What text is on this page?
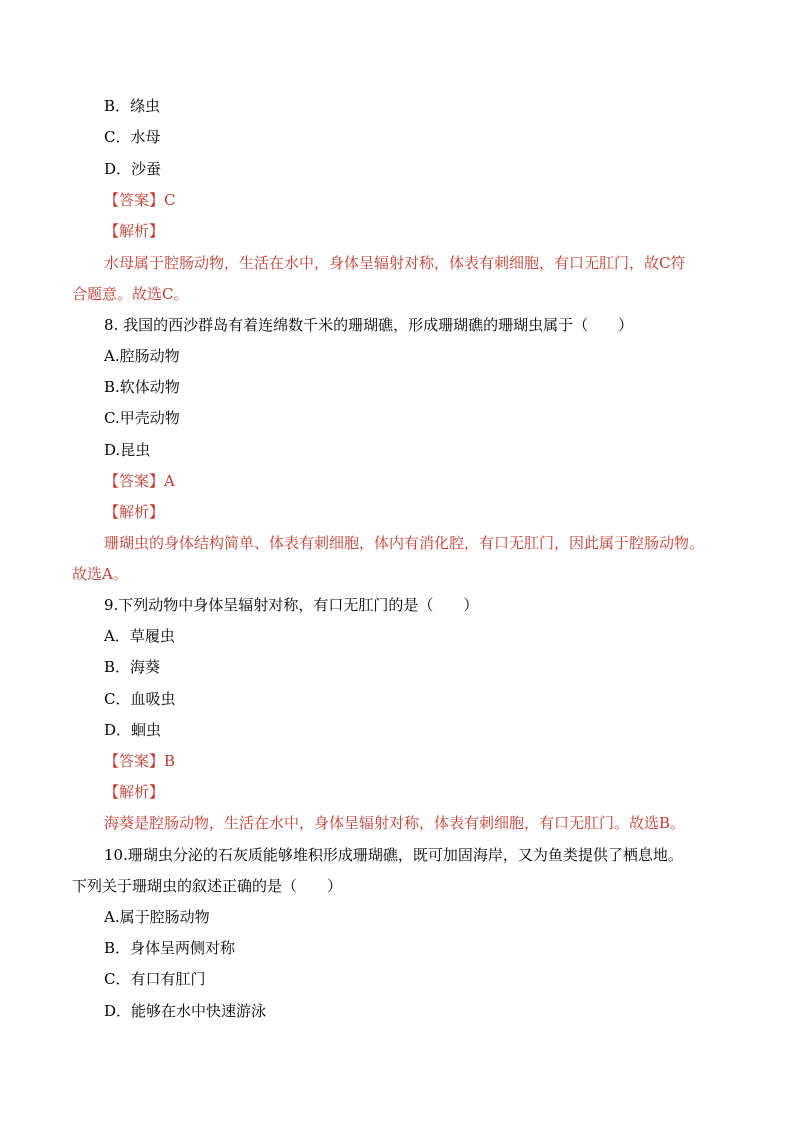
B．绦虫
C．水母
D．沙蚕
【答案】C
【解析】
水母属于腔肠动物，生活在水中，身体呈辐射对称，体表有刺细胞，有口无肛门，故C符
合题意。故选C。
8. 我国的西沙群岛有着连绵数千米的珊瑚礁，形成珊瑚礁的珊瑚虫属于（　　）
A.腔肠动物
B.软体动物
C.甲壳动物
D.昆虫
【答案】A
【解析】
珊瑚虫的身体结构简单、体表有刺细胞，体内有消化腔，有口无肛门，因此属于腔肠动物。
故选A。
9.下列动物中身体呈辐射对称，有口无肛门的是（　　）
A．草履虫
B．海葵
C．血吸虫
D．蛔虫
【答案】B
【解析】
海葵是腔肠动物，生活在水中，身体呈辐射对称，体表有刺细胞，有口无肛门。故选B。
10.珊瑚虫分泌的石灰质能够堆积形成珊瑚礁，既可加固海岸，又为鱼类提供了栖息地。
下列关于珊瑚虫的叙述正确的是（　　）
A.属于腔肠动物
B．身体呈两侧对称
C．有口有肛门
D．能够在水中快速游泳
